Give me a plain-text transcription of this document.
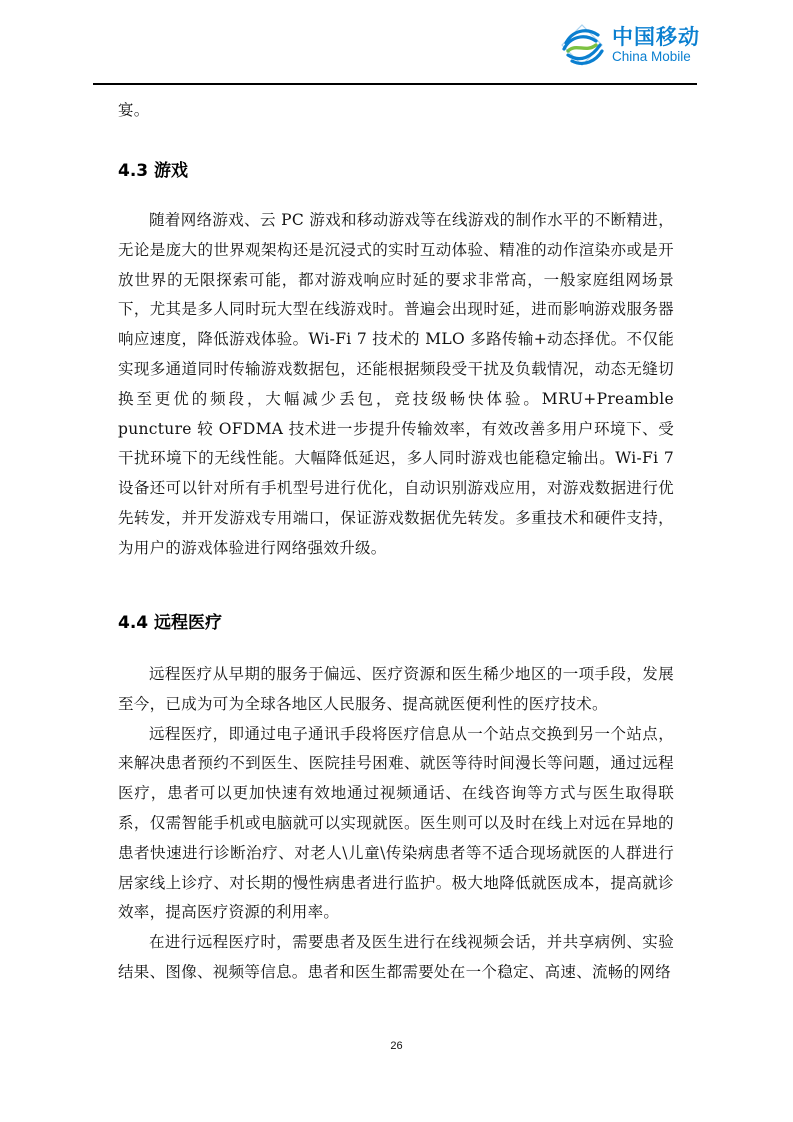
中国移动
China Mobile

宴。

4.3 游戏

随着网络游戏、云 PC 游戏和移动游戏等在线游戏的制作水平的不断精进，无论是庞大的世界观架构还是沉浸式的实时互动体验、精准的动作渲染亦或是开放世界的无限探索可能，都对游戏响应时延的要求非常高，一般家庭组网场景下，尤其是多人同时玩大型在线游戏时。普遍会出现时延，进而影响游戏服务器响应速度，降低游戏体验。Wi-Fi 7 技术的 MLO 多路传输+动态择优。不仅能实现多通道同时传输游戏数据包，还能根据频段受干扰及负载情况，动态无缝切换至更优的频段，大幅减少丢包，竞技级畅快体验。MRU+Preamble puncture 较 OFDMA 技术进一步提升传输效率，有效改善多用户环境下、受干扰环境下的无线性能。大幅降低延迟，多人同时游戏也能稳定输出。Wi-Fi 7 设备还可以针对所有手机型号进行优化，自动识别游戏应用，对游戏数据进行优先转发，并开发游戏专用端口，保证游戏数据优先转发。多重技术和硬件支持，为用户的游戏体验进行网络强效升级。

4.4 远程医疗

远程医疗从早期的服务于偏远、医疗资源和医生稀少地区的一项手段，发展至今，已成为可为全球各地区人民服务、提高就医便利性的医疗技术。

远程医疗，即通过电子通讯手段将医疗信息从一个站点交换到另一个站点，来解决患者预约不到医生、医院挂号困难、就医等待时间漫长等问题，通过远程医疗，患者可以更加快速有效地通过视频通话、在线咨询等方式与医生取得联系，仅需智能手机或电脑就可以实现就医。医生则可以及时在线上对远在异地的患者快速进行诊断治疗、对老人\儿童\传染病患者等不适合现场就医的人群进行居家线上诊疗、对长期的慢性病患者进行监护。极大地降低就医成本，提高就诊效率，提高医疗资源的利用率。

在进行远程医疗时，需要患者及医生进行在线视频会话，并共享病例、实验结果、图像、视频等信息。患者和医生都需要处在一个稳定、高速、流畅的网络

26
